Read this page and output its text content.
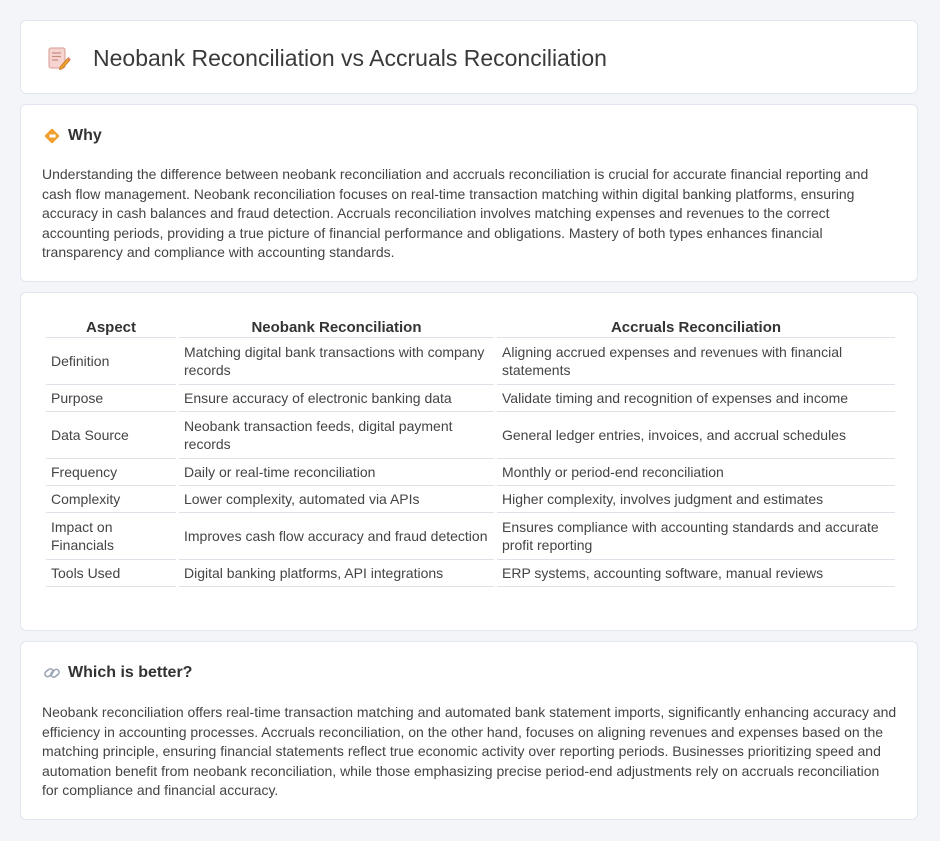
Neobank Reconciliation vs Accruals Reconciliation
Why

Understanding the difference between neobank reconciliation and accruals reconciliation is crucial for accurate financial reporting and cash flow management. Neobank reconciliation focuses on real-time transaction matching within digital banking platforms, ensuring accuracy in cash balances and fraud detection. Accruals reconciliation involves matching expenses and revenues to the correct accounting periods, providing a true picture of financial performance and obligations. Mastery of both types enhances financial transparency and compliance with accounting standards.

Aspect	Neobank Reconciliation	Accruals Reconciliation
Definition	Matching digital bank transactions with company records	Aligning accrued expenses and revenues with financial statements
Purpose	Ensure accuracy of electronic banking data	Validate timing and recognition of expenses and income
Data Source	Neobank transaction feeds, digital payment records	General ledger entries, invoices, and accrual schedules
Frequency	Daily or real-time reconciliation	Monthly or period-end reconciliation
Complexity	Lower complexity, automated via APIs	Higher complexity, involves judgment and estimates
Impact on Financials	Improves cash flow accuracy and fraud detection	Ensures compliance with accounting standards and accurate profit reporting
Tools Used	Digital banking platforms, API integrations	ERP systems, accounting software, manual reviews
Which is better?

Neobank reconciliation offers real-time transaction matching and automated bank statement imports, significantly enhancing accuracy and efficiency in accounting processes. Accruals reconciliation, on the other hand, focuses on aligning revenues and expenses based on the matching principle, ensuring financial statements reflect true economic activity over reporting periods. Businesses prioritizing speed and automation benefit from neobank reconciliation, while those emphasizing precise period-end adjustments rely on accruals reconciliation for compliance and financial accuracy.
